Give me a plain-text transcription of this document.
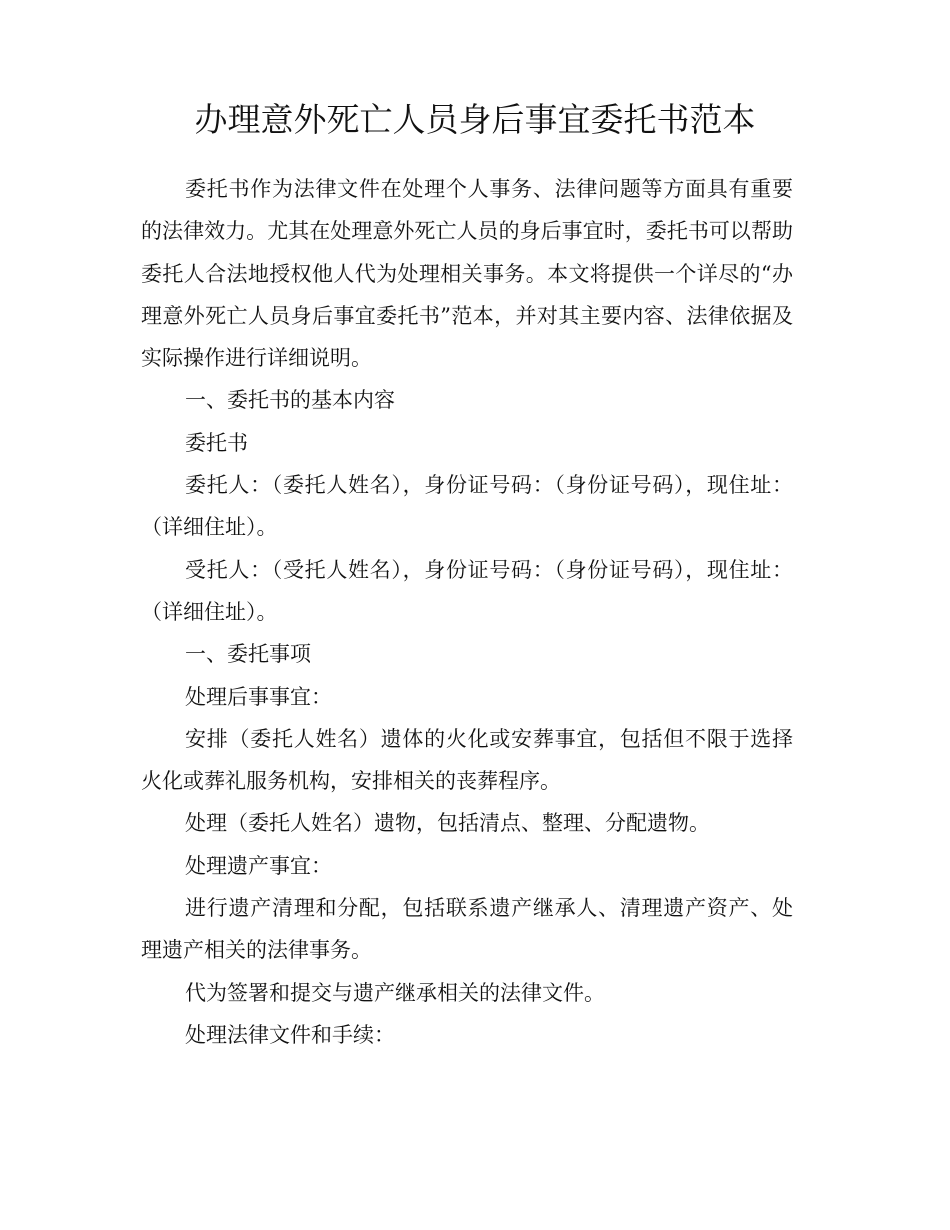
办理意外死亡人员身后事宜委托书范本

委托书作为法律文件在处理个人事务、法律问题等方面具有重要的法律效力。尤其在处理意外死亡人员的身后事宜时，委托书可以帮助委托人合法地授权他人代为处理相关事务。本文将提供一个详尽的“办理意外死亡人员身后事宜委托书”范本，并对其主要内容、法律依据及实际操作进行详细说明。

一、委托书的基本内容

委托书

委托人：（委托人姓名），身份证号码：（身份证号码），现住址：（详细住址）。

受托人：（受托人姓名），身份证号码：（身份证号码），现住址：（详细住址）。

一、委托事项

处理后事事宜：

安排（委托人姓名）遗体的火化或安葬事宜，包括但不限于选择火化或葬礼服务机构，安排相关的丧葬程序。

处理（委托人姓名）遗物，包括清点、整理、分配遗物。

处理遗产事宜：

进行遗产清理和分配，包括联系遗产继承人、清理遗产资产、处理遗产相关的法律事务。

代为签署和提交与遗产继承相关的法律文件。

处理法律文件和手续：
